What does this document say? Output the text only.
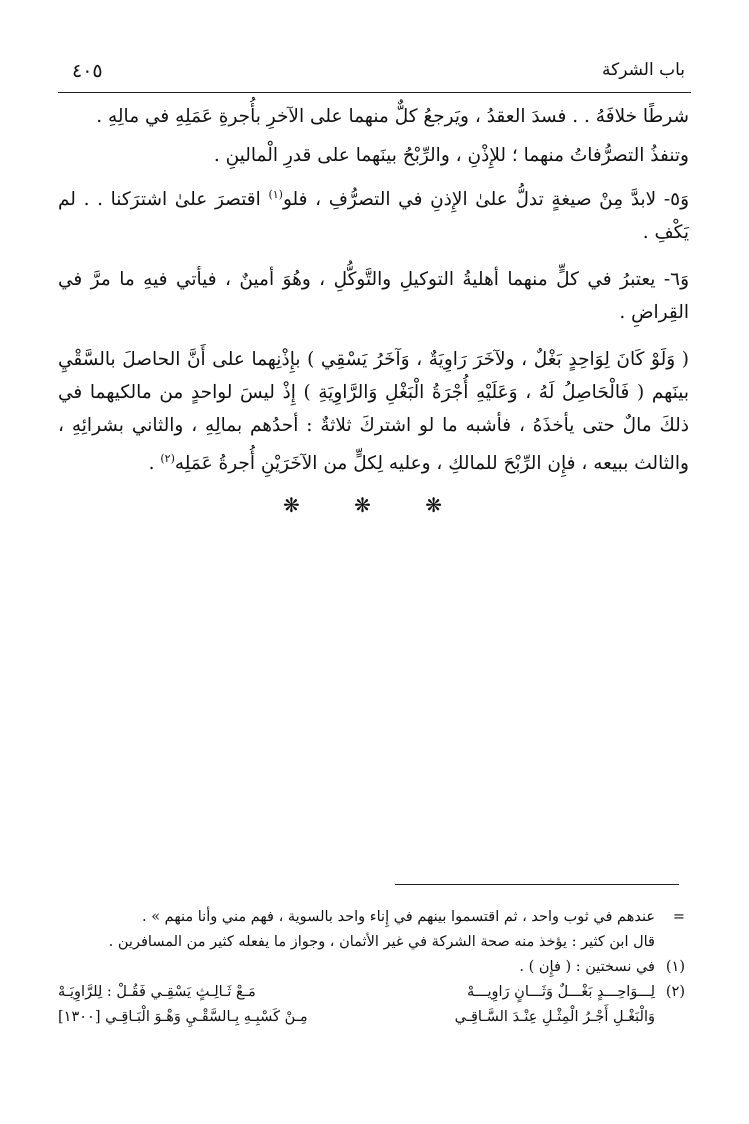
باب الشركة
٤٠٥

شرطًا خلافَهُ . . فسدَ العقدُ ، ويَرجعُ كلٌّ منهما على الآخرِ بأُجرةِ عَمَلِهِ في مالِهِ .

وتنفذُ التصرُّفاتُ منهما ؛ للإِذْنِ ، والرِّبْحُ بينَهما على قدرِ الْمالينِ .

وَ٥- لابدَّ مِنْ صيغةٍ تدلُّ علىٰ الإِذنِ في التصرُّفِ ، فلو$^{(١)}$ اقتصرَ علىٰ اشترَكنا . . لم يَكْفِ .

وَ٦- يعتبرُ في كلٍّ منهما أهليةُ التوكيلِ والتَّوكُّلِ ، وهُوَ أمينٌ ، فيأتي فيهِ ما مرَّ في القِراضِ .

( وَلَوْ كَانَ لِوَاحِدٍ بَغْلٌ ، ولآخَرَ رَاوِيَةٌ ، وَآخَرُ يَسْقِي ) بإِذْنِهما على أَنَّ الحاصلَ بالسَّقْيِ بينَهم ( فَالْحَاصِلُ لَهُ ، وَعَلَيْهِ أُجْرَةُ الْبَغْلِ وَالرَّاوِيَةِ ) إِذْ ليسَ لواحدٍ من مالكيهما في ذلكَ مالٌ حتى يأخذَهُ ، فأشبه ما لو اشتركَ ثلاثةٌ : أحدُهم بمالِهِ ، والثاني بشرائِهِ ، والثالث ببيعه ، فإِن الرِّبْحَ للمالكِ ، وعليه لِكلٍّ من الآخَرَيْنِ أُجرةُ عَمَلِه$^{(٢)}$ .

❋ ❋ ❋
=
عندهم في ثوب واحد ، ثم اقتسموا بينهم في إِناء واحد بالسوية ، فهم مني وأنا منهم » .
قال ابن كثير : يؤخذ منه صحة الشركة في غير الأثمان ، وجواز ما يفعله كثير من المسافرين .
(١)
في نسختين : ( فإِن ) .
(٢)
لِـــوَاحِـــدٍ بَغْـــلٌ وَثَـــانٍ رَاوِيـــهْ
مَـعْ ثَـالِـثٍ يَسْقِـي فَقُـلْ : لِلرَّاوِيَـهْ
وَالْبَغْـلِ أَجْـرُ الْمِثْـلِ عِنْـدَ السَّـاقِـي
مِـنْ كَسْبِـهِ بِـالسَّقْـيِ وَهْـوَ الْبَـاقِـي [١٣٠٠]
